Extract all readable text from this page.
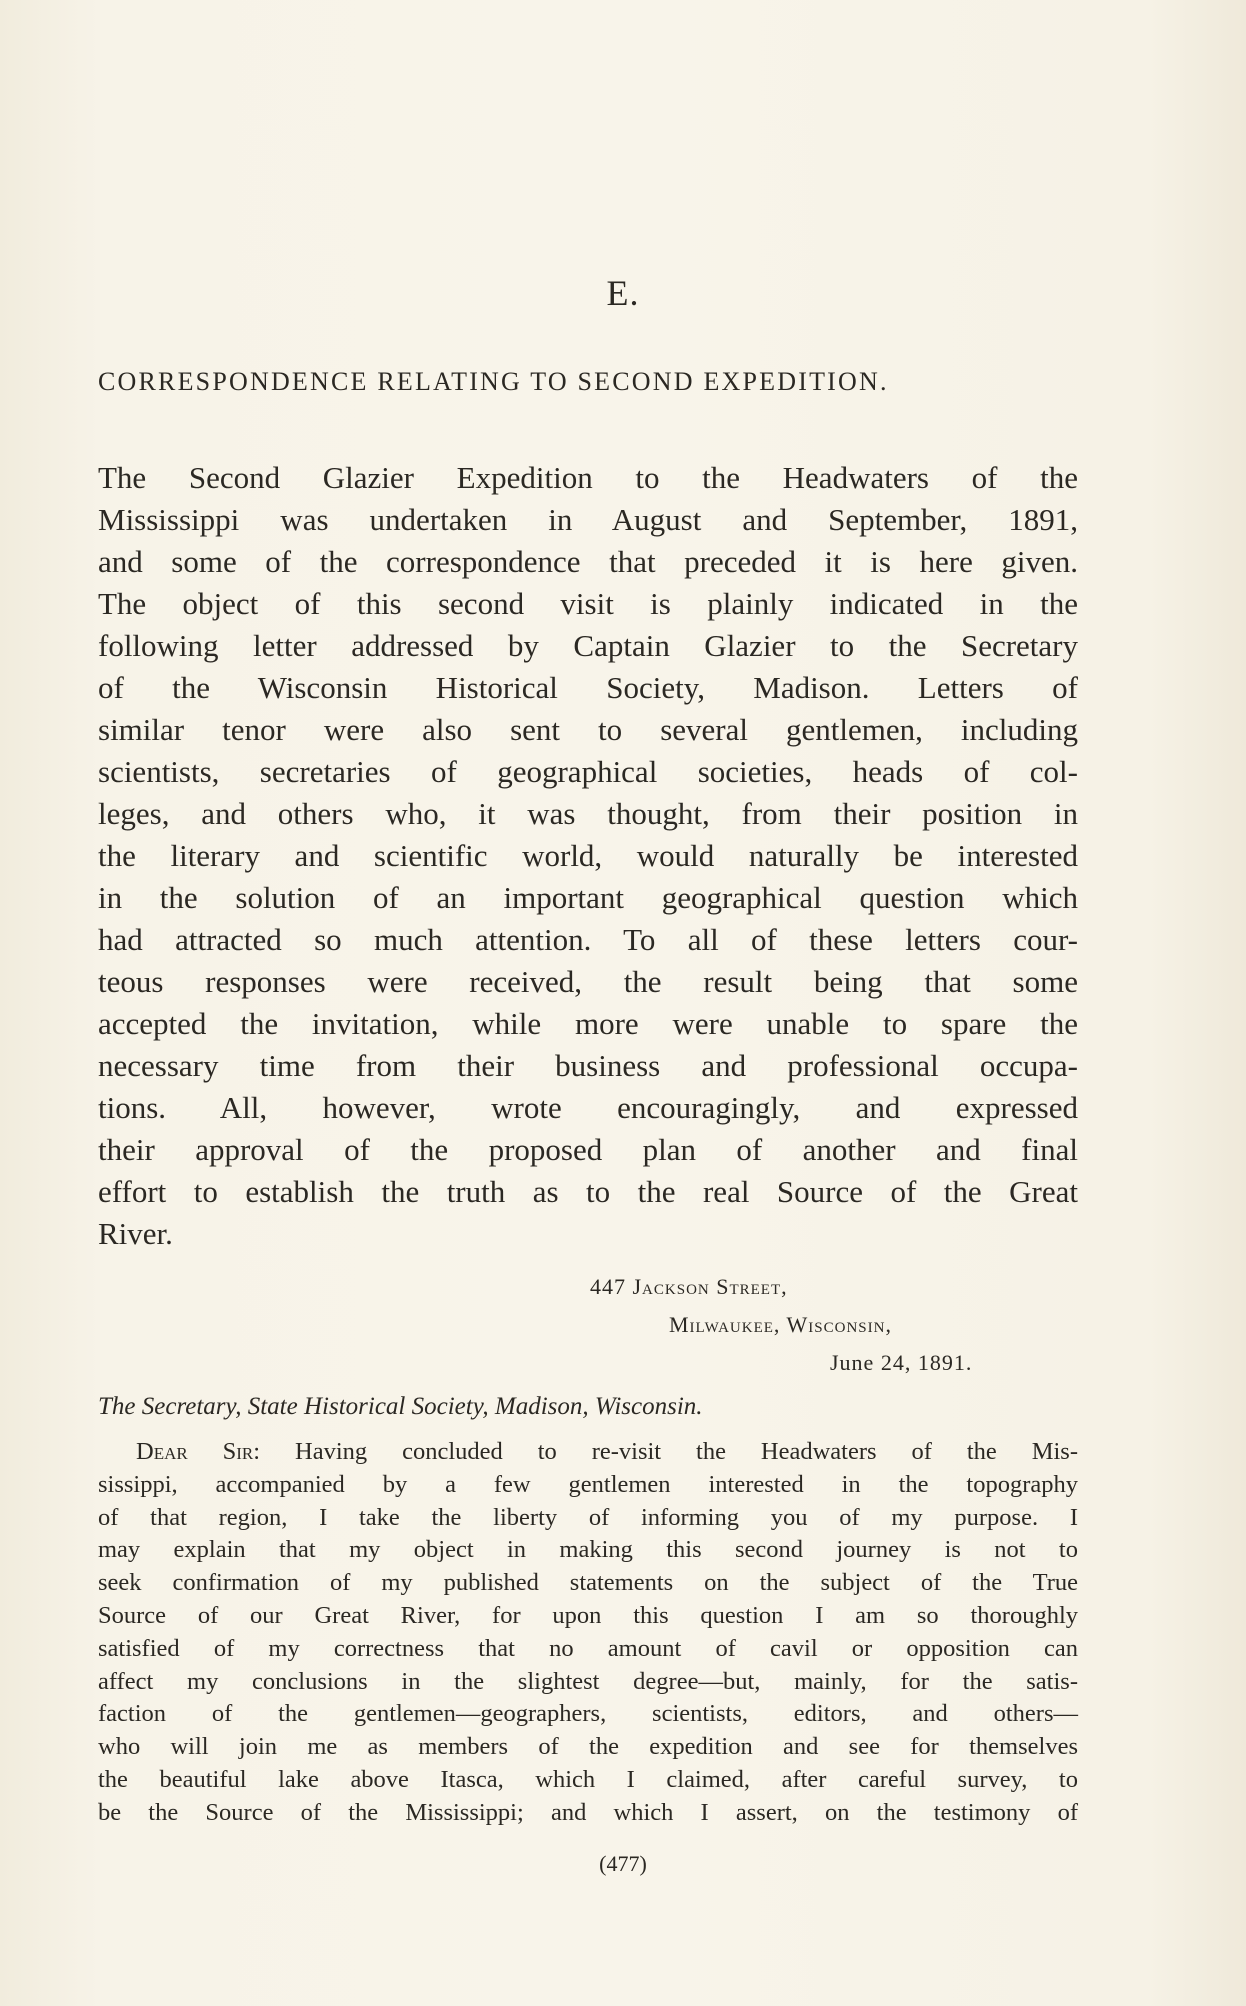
E.
CORRESPONDENCE RELATING TO SECOND EXPEDITION.
The Second Glazier Expedition to the Headwaters of the
Mississippi was undertaken in August and September, 1891,
and some of the correspondence that preceded it is here given.
The object of this second visit is plainly indicated in the
following letter addressed by Captain Glazier to the Secretary
of the Wisconsin Historical Society, Madison. Letters of
similar tenor were also sent to several gentlemen, including
scientists, secretaries of geographical societies, heads of col-
leges, and others who, it was thought, from their position in
the literary and scientific world, would naturally be interested
in the solution of an important geographical question which
had attracted so much attention. To all of these letters cour-
teous responses were received, the result being that some
accepted the invitation, while more were unable to spare the
necessary time from their business and professional occupa-
tions. All, however, wrote encouragingly, and expressed
their approval of the proposed plan of another and final
effort to establish the truth as to the real Source of the Great
River.
447 Jackson Street,
Milwaukee, Wisconsin,
June 24, 1891.
The Secretary, State Historical Society, Madison, Wisconsin.
Dear Sir: Having concluded to re-visit the Headwaters of the Mis-
sissippi, accompanied by a few gentlemen interested in the topography
of that region, I take the liberty of informing you of my purpose. I
may explain that my object in making this second journey is not to
seek confirmation of my published statements on the subject of the True
Source of our Great River, for upon this question I am so thoroughly
satisfied of my correctness that no amount of cavil or opposition can
affect my conclusions in the slightest degree—but, mainly, for the satis-
faction of the gentlemen—geographers, scientists, editors, and others—
who will join me as members of the expedition and see for themselves
the beautiful lake above Itasca, which I claimed, after careful survey, to
be the Source of the Mississippi; and which I assert, on the testimony of
(477)
